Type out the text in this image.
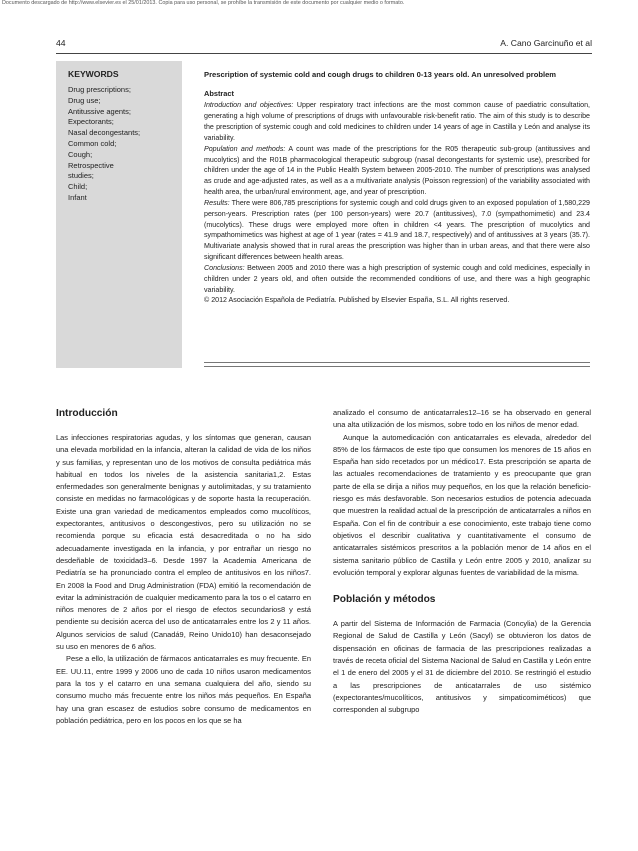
Documento descargado de http://www.elsevier.es el 25/01/2013. Copia para uso personal, se prohíbe la transmisión de este documento por cualquier medio o formato.
44	A. Cano Garcinuño et al
KEYWORDS
Drug prescriptions;
Drug use;
Antitussive agents;
Expectorants;
Nasal decongestants;
Common cold;
Cough;
Retrospective
studies;
Child;
Infant
Prescription of systemic cold and cough drugs to children 0-13 years old. An unresolved problem
Abstract

Introduction and objectives: Upper respiratory tract infections are the most common cause of paediatric consultation, generating a high volume of prescriptions of drugs with unfavourable risk-benefit ratio. The aim of this study is to describe the prescription of systemic cough and cold medicines to children under 14 years of age in Castilla y León and analyse its variability.

Population and methods: A count was made of the prescriptions for the R05 therapeutic sub-group (antitussives and mucolytics) and the R01B pharmacological therapeutic subgroup (nasal decongestants for systemic use), prescribed for children under the age of 14 in the Public Health System between 2005-2010. The number of prescriptions was analysed as crude and age-adjusted rates, as well as a a multivariate analysis (Poisson regression) of the variability associated with health area, the urban/rural environment, age, and year of prescription.

Results: There were 806,785 prescriptions for systemic cough and cold drugs given to an exposed population of 1,580,229 person-years. Prescription rates (per 100 person-years) were 20.7 (antitussives), 7.0 (sympathomimetic) and 23.4 (mucolytics). These drugs were employed more often in children <4 years. The prescription of mucolytics and sympathomimetics was highest at age of 1 year (rates = 41.9 and 18.7, respectively) and of antitussives at 3 years (35.7). Multivariate analysis showed that in rural areas the prescription was higher than in urban areas, and that there were also significant differences between health areas.

Conclusions: Between 2005 and 2010 there was a high prescription of systemic cough and cold medicines, especially in children under 2 years old, and often outside the recommended conditions of use, and there was a high geographic variability.

© 2012 Asociación Española de Pediatría. Published by Elsevier España, S.L. All rights reserved.

Introducción

Las infecciones respiratorias agudas, y los síntomas que generan, causan una elevada morbilidad en la infancia, alteran la calidad de vida de los niños y sus familias, y representan uno de los motivos de consulta pediátrica más habitual en todos los niveles de la asistencia sanitaria1,2. Estas enfermedades son generalmente benignas y autolimitadas, y su tratamiento consiste en medidas no farmacológicas y de soporte hasta la recuperación. Existe una gran variedad de medicamentos empleados como mucolíticos, expectorantes, antitusivos o descongestivos, pero su utilización no se recomienda porque su eficacia está desacreditada o no ha sido adecuadamente investigada en la infancia, y por entrañar un riesgo no desdeñable de toxicidad3–6. Desde 1997 la Academia Americana de Pediatría se ha pronunciado contra el empleo de antitusivos en los niños7. En 2008 la Food and Drug Administration (FDA) emitió la recomendación de evitar la administración de cualquier medicamento para la tos o el catarro en niños menores de 2 años por el riesgo de efectos secundarios8 y está pendiente su decisión acerca del uso de anticatarrales entre los 2 y 11 años. Algunos servicios de salud (Canadá9, Reino Unido10) han desaconsejado su uso en menores de 6 años.

Pese a ello, la utilización de fármacos anticatarrales es muy frecuente. En EE. UU.11, entre 1999 y 2006 uno de cada 10 niños usaron medicamentos para la tos y el catarro en una semana cualquiera del año, siendo su consumo mucho más frecuente entre los niños más pequeños. En España hay una gran escasez de estudios sobre consumo de medicamentos en población pediátrica, pero en los pocos en los que se ha

analizado el consumo de anticatarrales12–16 se ha observado en general una alta utilización de los mismos, sobre todo en los niños de menor edad.

Aunque la automedicación con anticatarrales es elevada, alrededor del 85% de los fármacos de este tipo que consumen los menores de 15 años en España han sido recetados por un médico17. Esta prescripción se aparta de las actuales recomendaciones de tratamiento y es preocupante que gran parte de ella se dirija a niños muy pequeños, en los que la relación beneficio-riesgo es más desfavorable. Son necesarios estudios de potencia adecuada que muestren la realidad actual de la prescripción de anticatarrales a niños en España. Con el fin de contribuir a ese conocimiento, este trabajo tiene como objetivos el describir cualitativa y cuantitativamente el consumo de anticatarrales sistémicos prescritos a la población menor de 14 años en el sistema sanitario público de Castilla y León entre 2005 y 2010, analizar su evolución temporal y explorar algunas fuentes de variabilidad de la misma.

Población y métodos

A partir del Sistema de Información de Farmacia (Concylia) de la Gerencia Regional de Salud de Castilla y León (Sacyl) se obtuvieron los datos de dispensación en oficinas de farmacia de las prescripciones realizadas a través de receta oficial del Sistema Nacional de Salud en Castilla y León entre el 1 de enero del 2005 y el 31 de diciembre del 2010. Se restringió el estudio a las prescripciones de anticatarrales de uso sistémico (expectorantes/mucolíticos, antitusivos y simpaticomiméticos) que corresponden al subgrupo
